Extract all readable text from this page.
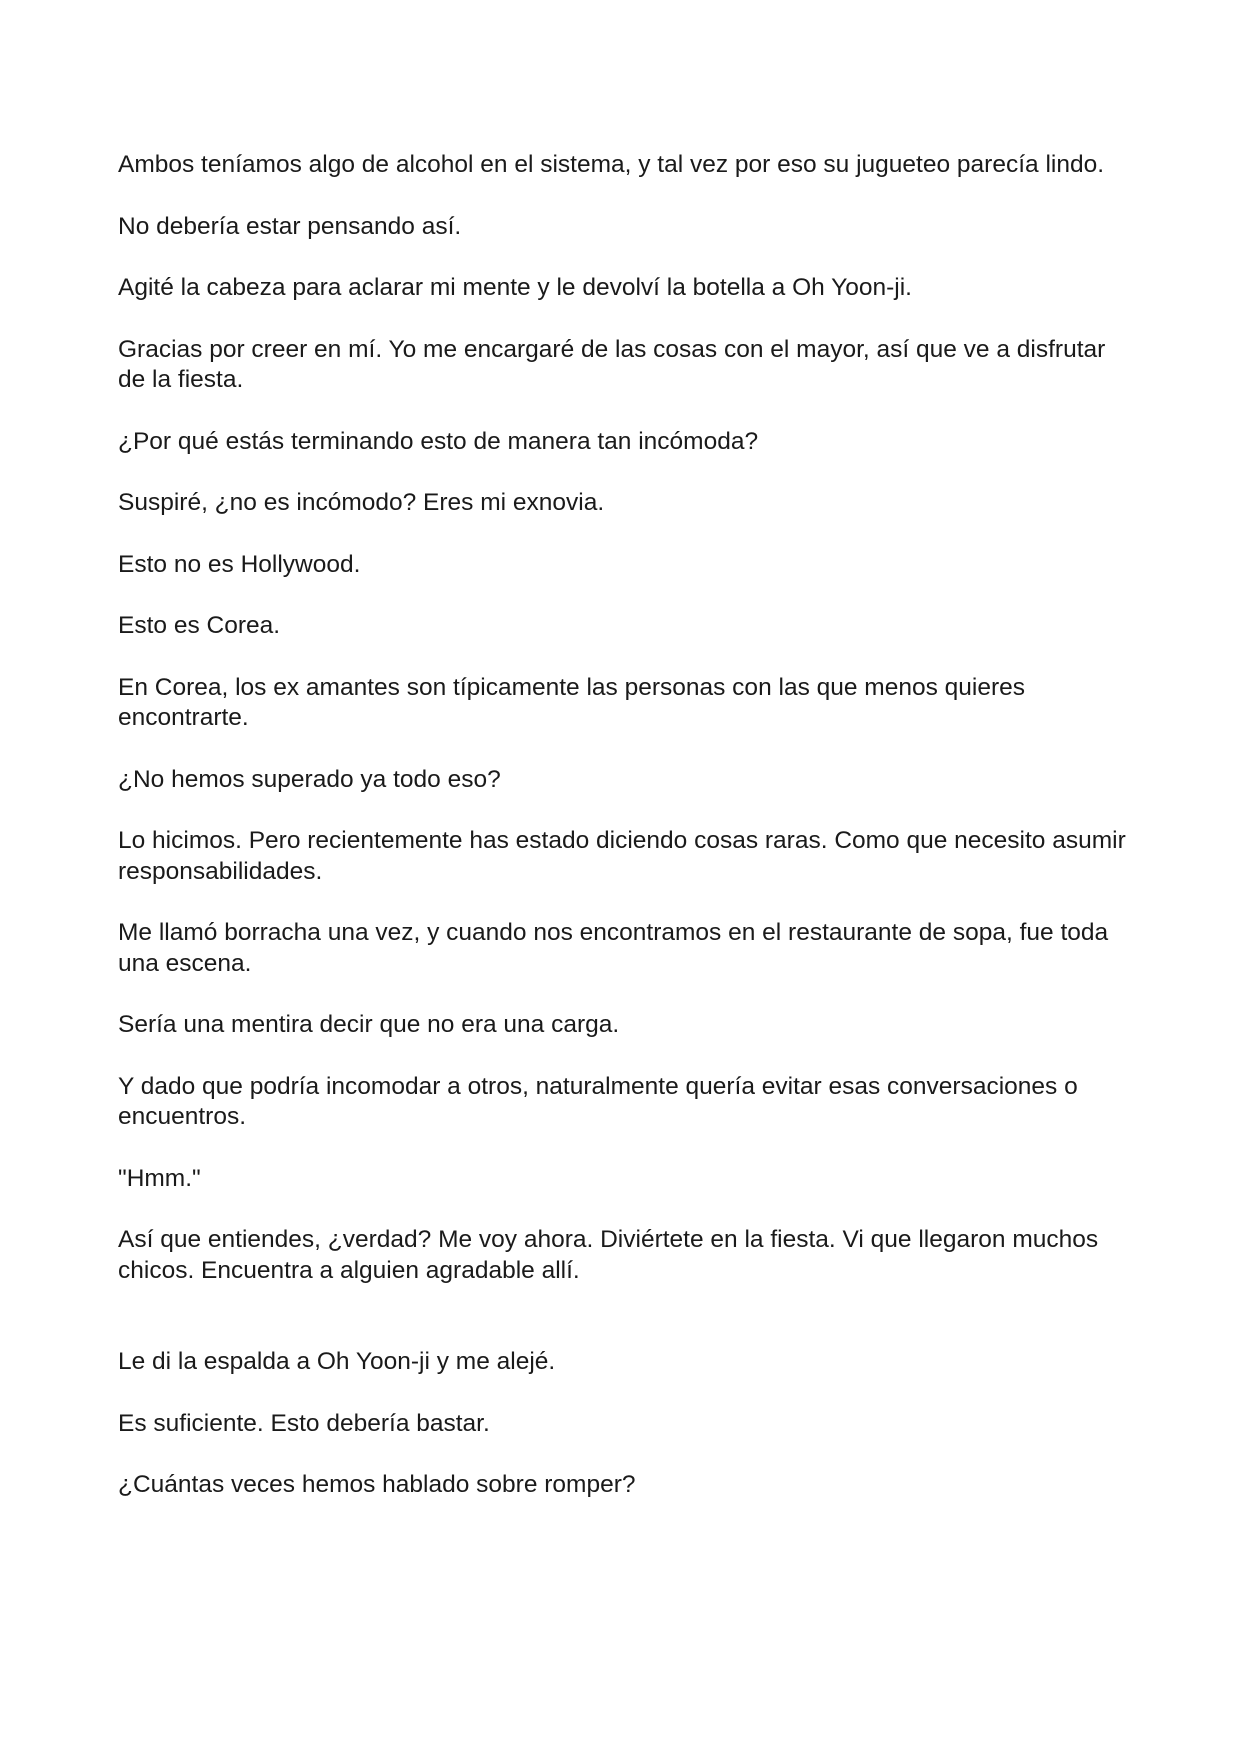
Ambos teníamos algo de alcohol en el sistema, y tal vez por eso su jugueteo parecía lindo.

No debería estar pensando así.

Agité la cabeza para aclarar mi mente y le devolví la botella a Oh Yoon-ji.

Gracias por creer en mí. Yo me encargaré de las cosas con el mayor, así que ve a disfrutar de la fiesta.

¿Por qué estás terminando esto de manera tan incómoda?

Suspiré, ¿no es incómodo? Eres mi exnovia.

Esto no es Hollywood.

Esto es Corea.

En Corea, los ex amantes son típicamente las personas con las que menos quieres encontrarte.

¿No hemos superado ya todo eso?

Lo hicimos. Pero recientemente has estado diciendo cosas raras. Como que necesito asumir responsabilidades.

Me llamó borracha una vez, y cuando nos encontramos en el restaurante de sopa, fue toda una escena.

Sería una mentira decir que no era una carga.

Y dado que podría incomodar a otros, naturalmente quería evitar esas conversaciones o encuentros.

"Hmm."

Así que entiendes, ¿verdad? Me voy ahora. Diviértete en la fiesta. Vi que llegaron muchos chicos. Encuentra a alguien agradable allí.

Le di la espalda a Oh Yoon-ji y me alejé.

Es suficiente. Esto debería bastar.

¿Cuántas veces hemos hablado sobre romper?
